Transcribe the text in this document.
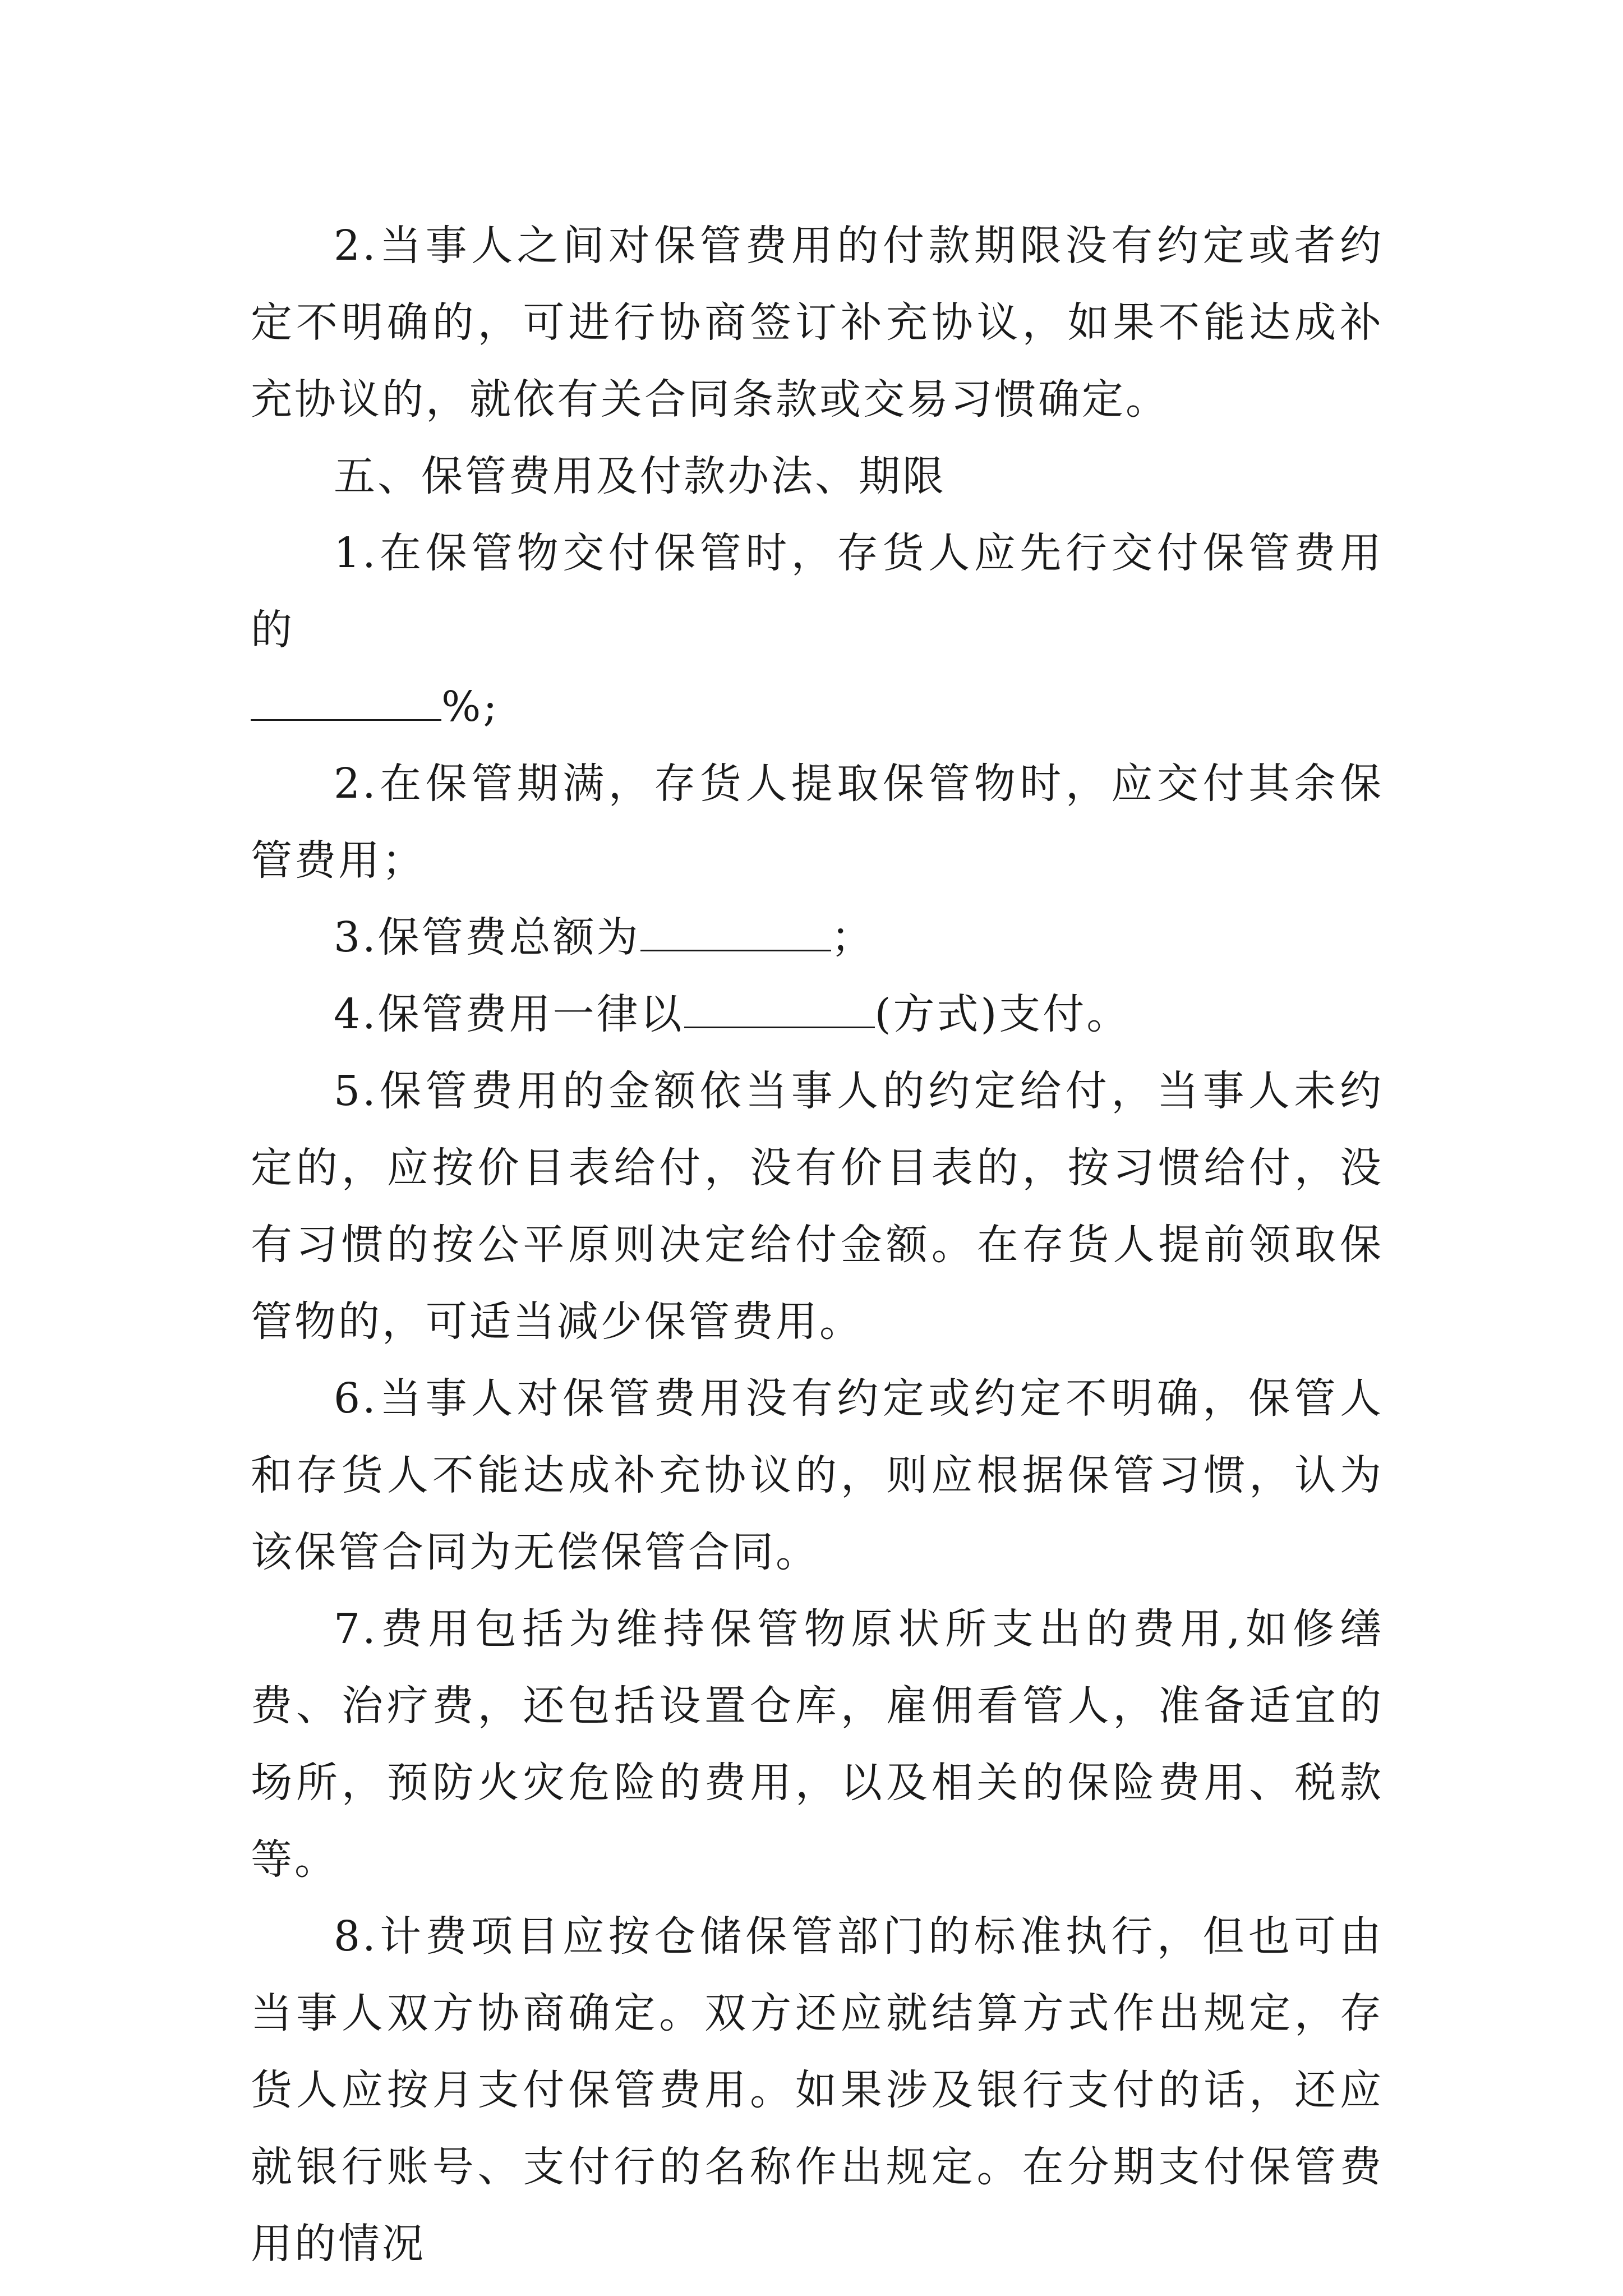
2.当事人之间对保管费用的付款期限没有约定或者约定不明确的，可进行协商签订补充协议，如果不能达成补充协议的，就依有关合同条款或交易习惯确定。

五、保管费用及付款办法、期限

1.在保管物交付保管时，存货人应先行交付保管费用的

%;

2.在保管期满，存货人提取保管物时，应交付其余保管费用；

3.保管费总额为	；

4.保管费用一律以	(方式)支付。

5.保管费用的金额依当事人的约定给付，当事人未约定的，应按价目表给付，没有价目表的，按习惯给付，没有习惯的按公平原则决定给付金额。在存货人提前领取保管物的，可适当减少保管费用。

6.当事人对保管费用没有约定或约定不明确，保管人和存货人不能达成补充协议的，则应根据保管习惯，认为该保管合同为无偿保管合同。

7.费用包括为维持保管物原状所支出的费用,如修缮费、治疗费，还包括设置仓库，雇佣看管人，准备适宜的场所，预防火灾危险的费用，以及相关的保险费用、税款等。

8.计费项目应按仓储保管部门的标准执行，但也可由当事人双方协商确定。双方还应就结算方式作出规定，存货人应按月支付保管费用。如果涉及银行支付的话，还应就银行账号、支付行的名称作出规定。在分期支付保管费用的情况
